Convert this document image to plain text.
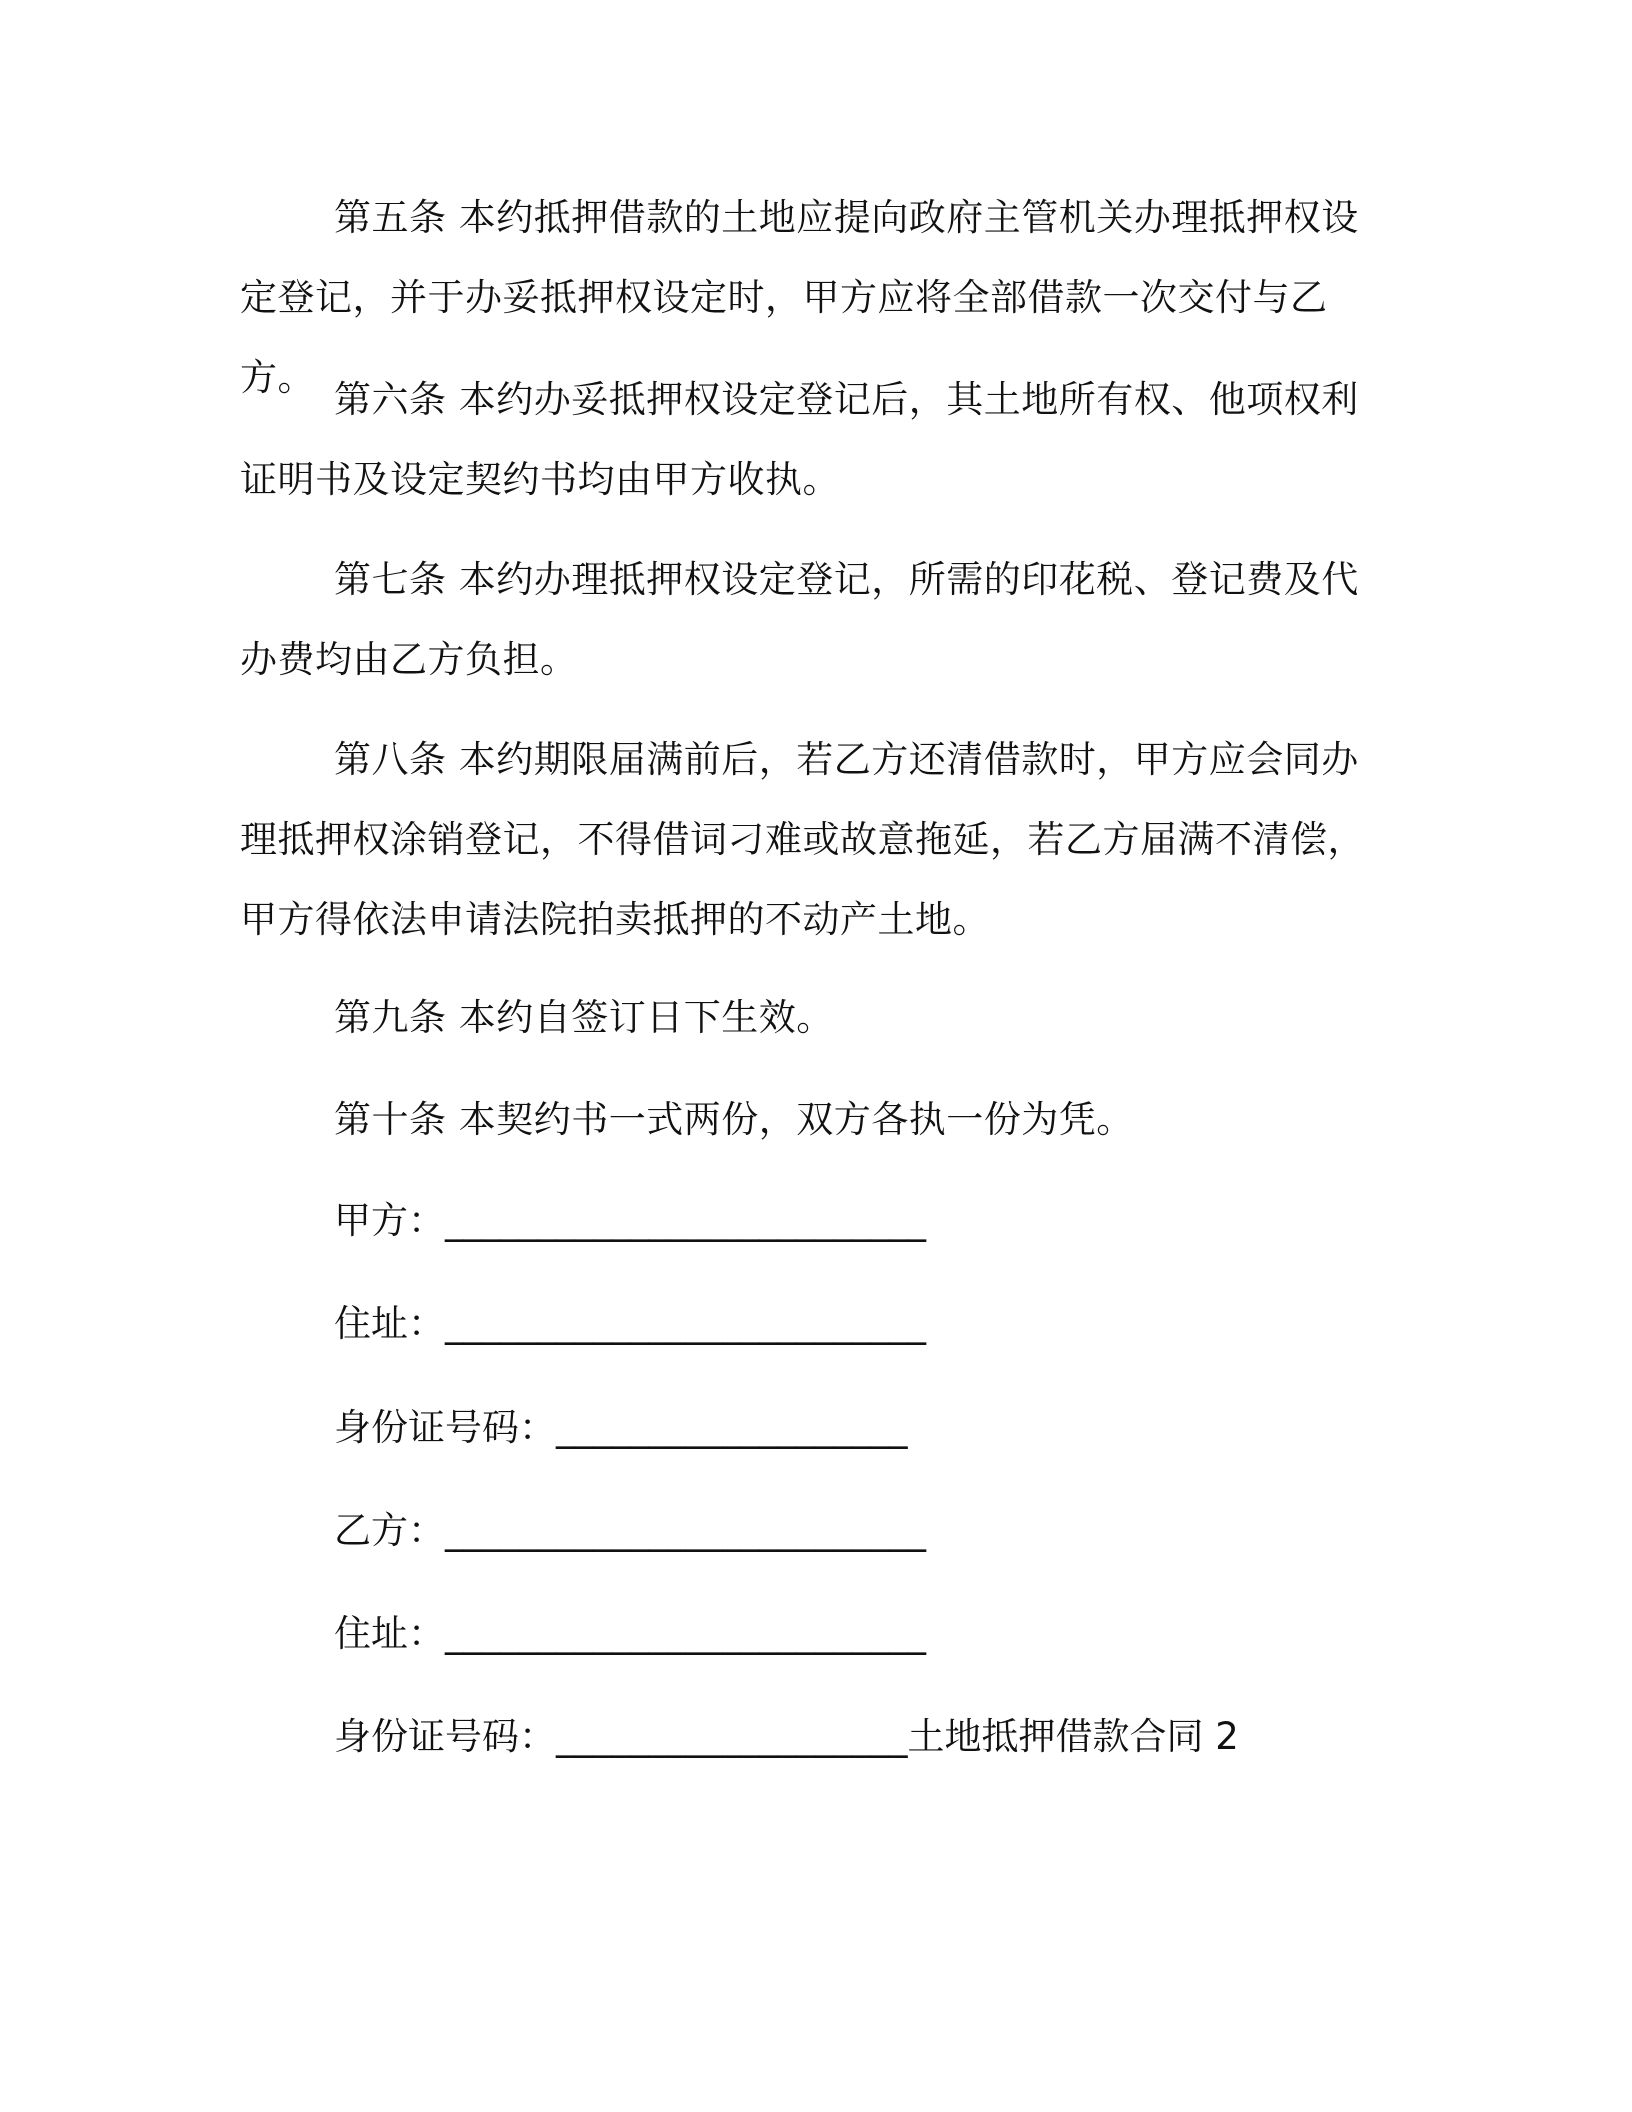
第五条 本约抵押借款的土地应提向政府主管机关办理抵押权设定登记，并于办妥抵押权设定时，甲方应将全部借款一次交付与乙方。

第六条 本约办妥抵押权设定登记后，其土地所有权、他项权利证明书及设定契约书均由甲方收执。

第七条 本约办理抵押权设定登记，所需的印花税、登记费及代办费均由乙方负担。

第八条 本约期限届满前后，若乙方还清借款时，甲方应会同办理抵押权涂销登记，不得借词刁难或故意拖延，若乙方届满不清偿，甲方得依法申请法院拍卖抵押的不动产土地。

第九条 本约自签订日下生效。

第十条 本契约书一式两份，双方各执一份为凭。

甲方：__________________________

住址：__________________________

身份证号码：___________________

乙方：__________________________

住址：__________________________

身份证号码：___________________土地抵押借款合同 2
